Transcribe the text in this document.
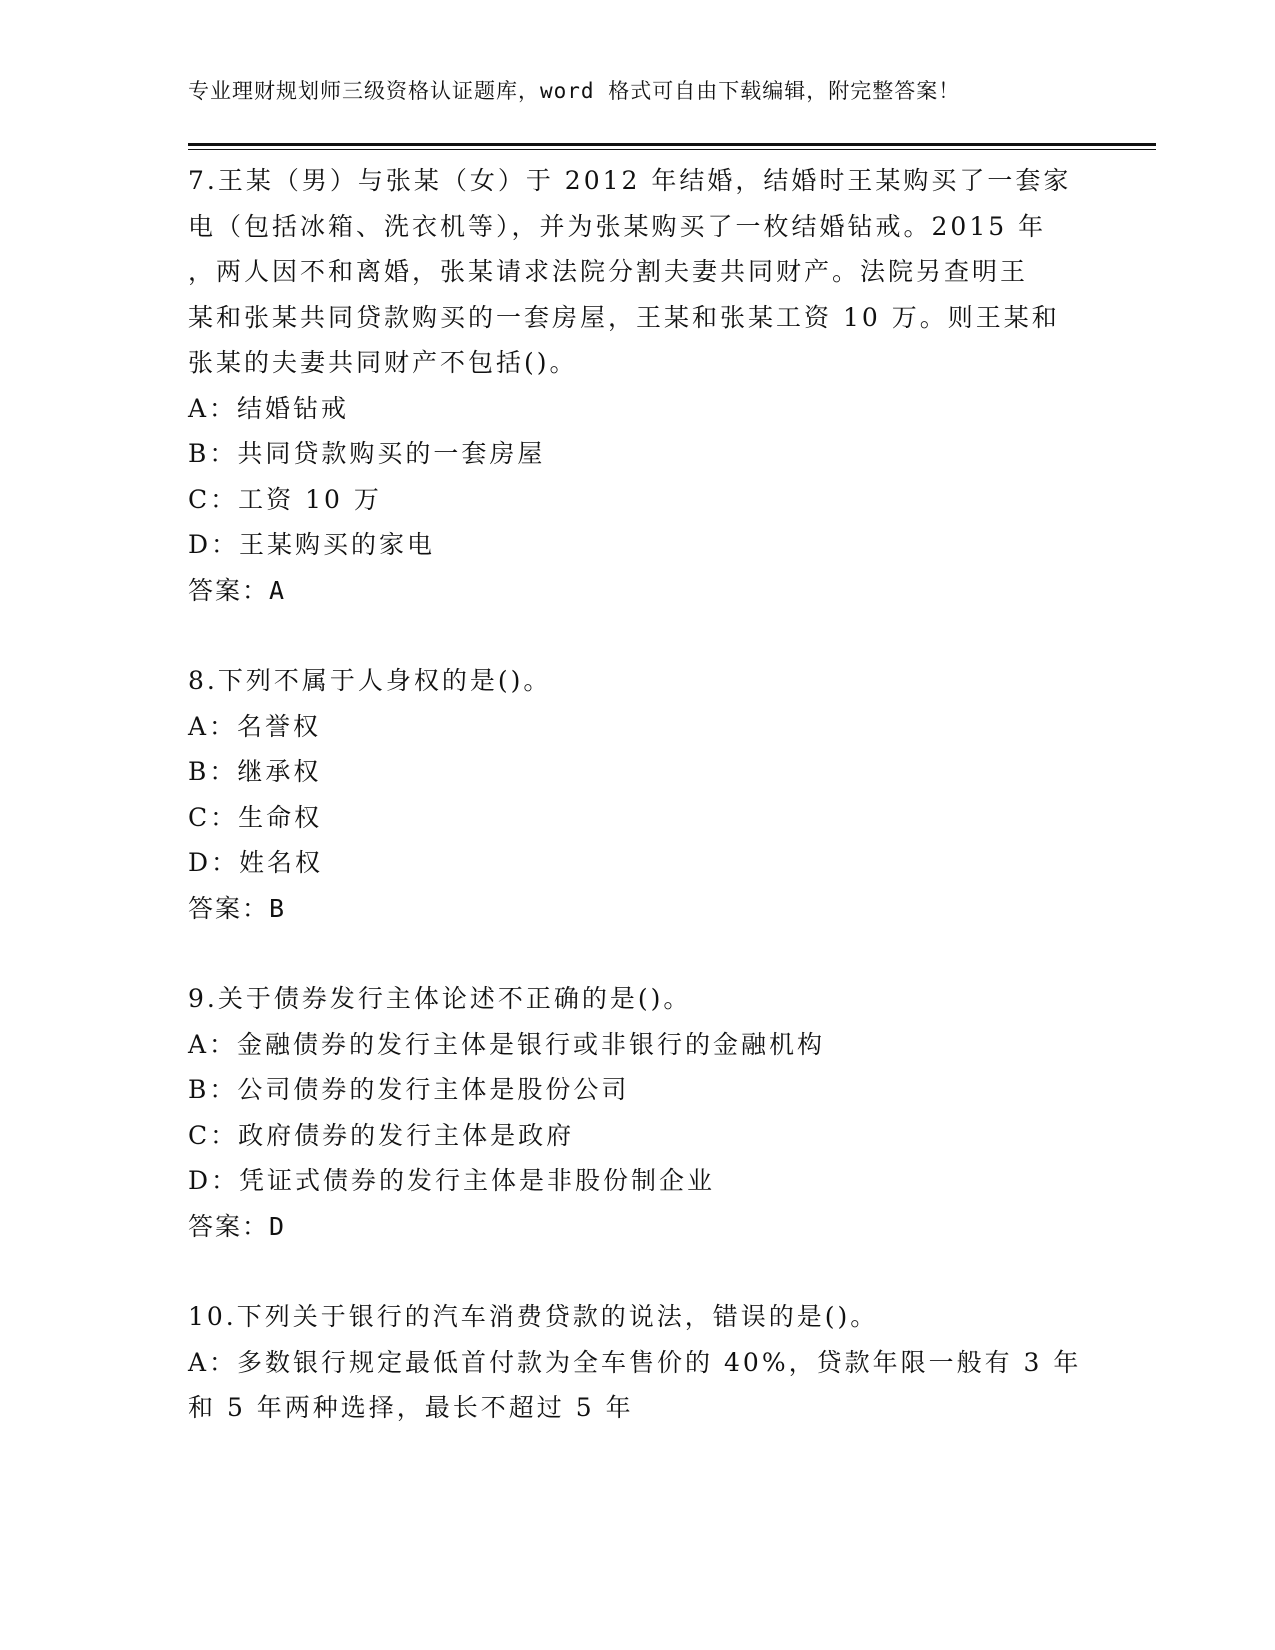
专业理财规划师三级资格认证题库，word 格式可自由下载编辑，附完整答案！
7.王某（男）与张某（女）于 2012 年结婚，结婚时王某购买了一套家
电（包括冰箱、洗衣机等），并为张某购买了一枚结婚钻戒。2015 年
，两人因不和离婚，张某请求法院分割夫妻共同财产。法院另查明王
某和张某共同贷款购买的一套房屋，王某和张某工资 10 万。则王某和
张某的夫妻共同财产不包括()。
A：结婚钻戒
B：共同贷款购买的一套房屋
C：工资 10 万
D：王某购买的家电
答案：A
8.下列不属于人身权的是()。
A：名誉权
B：继承权
C：生命权
D：姓名权
答案：B
9.关于债券发行主体论述不正确的是()。
A：金融债券的发行主体是银行或非银行的金融机构
B：公司债券的发行主体是股份公司
C：政府债券的发行主体是政府
D：凭证式债券的发行主体是非股份制企业
答案：D
10.下列关于银行的汽车消费贷款的说法，错误的是()。
A：多数银行规定最低首付款为全车售价的 40%，贷款年限一般有 3 年
和 5 年两种选择，最长不超过 5 年
